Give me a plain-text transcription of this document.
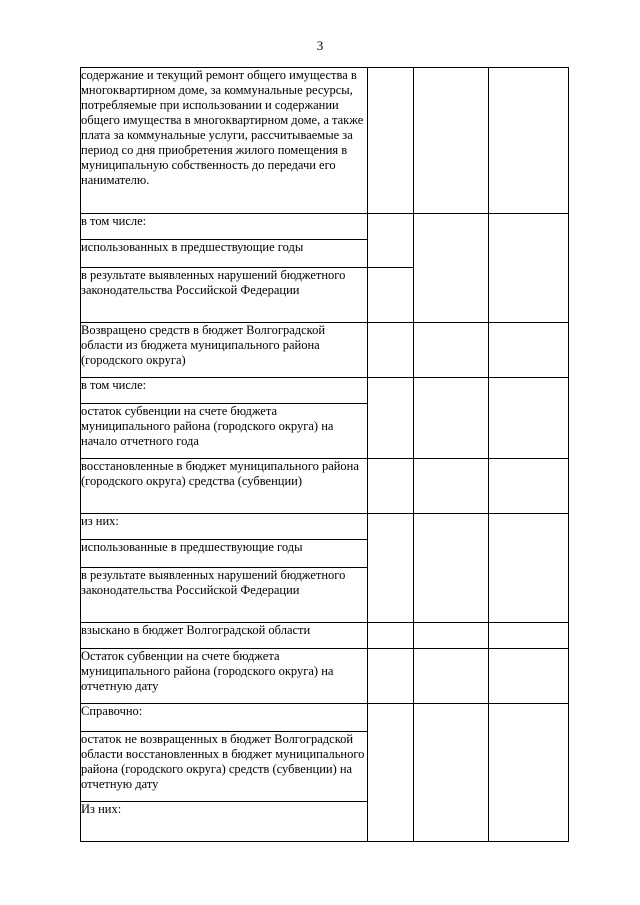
3
содержание и текущий ремонт общего имущества в многоквартирном доме, за коммунальные ресурсы, потребляемые при использовании и содержании общего имущества в многоквартирном доме, а также плата за коммунальные услуги, рассчитываемые за период со дня приобретения жилого помещения в муниципальную собственность до передачи его нанимателю.			
в том числе:			
использованных в предшествующие годы			
в результате выявленных нарушений бюджетного законодательства Российской Федерации			
Возвращено средств в бюджет Волгоградской области из бюджета муниципального района (городского округа)			
в том числе:			
остаток субвенции на счете бюджета муниципального района (городского округа) на начало отчетного года			
восстановленные в бюджет муниципального района (городского округа) средства (субвенции)			
из них:			
использованные в предшествующие годы			
в результате выявленных нарушений бюджетного законодательства Российской Федерации			
взыскано в бюджет Волгоградской области			
Остаток субвенции на счете бюджета муниципального района (городского округа) на отчетную дату			
Справочно:			
остаток не возвращенных в бюджет Волгоградской области восстановленных в бюджет муниципального района (городского округа) средств (субвенции) на отчетную дату			
Из них:			
